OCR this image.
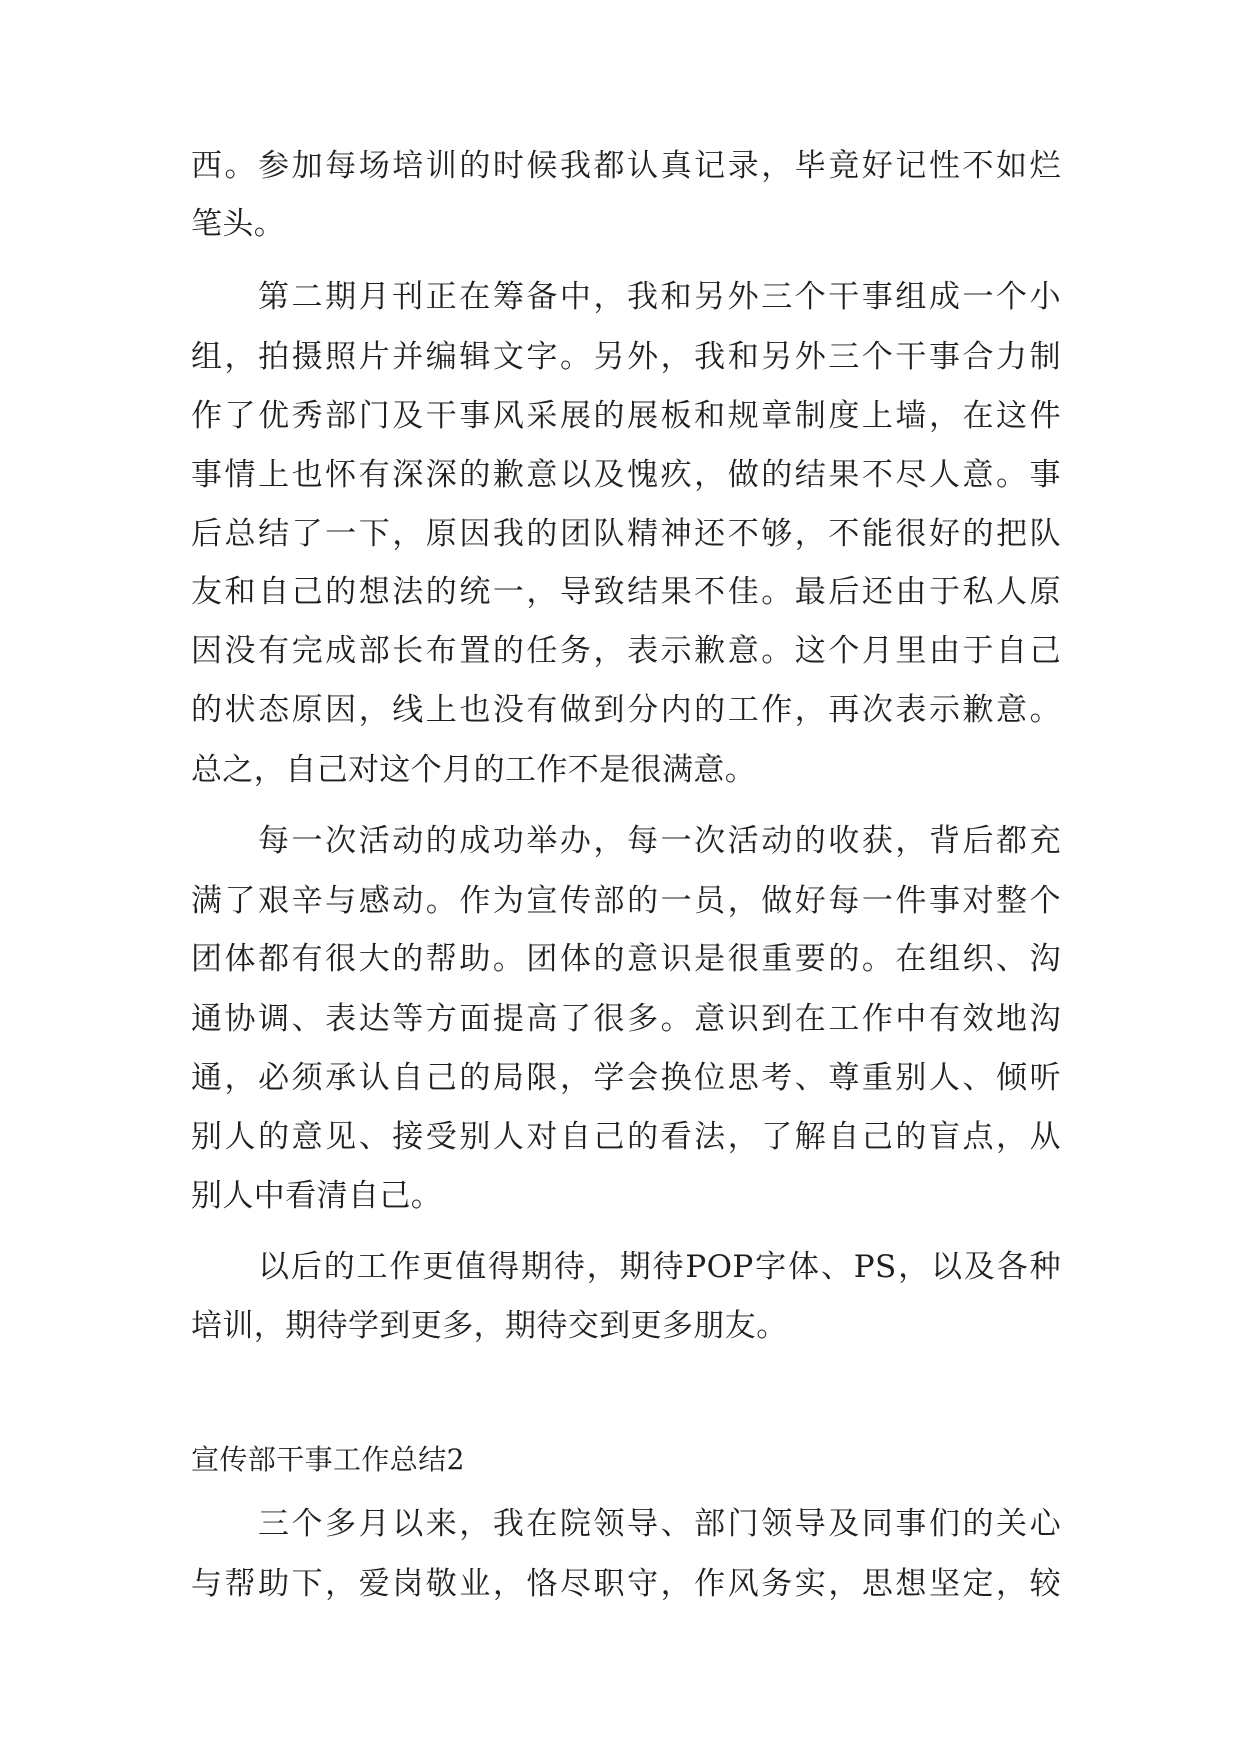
西。参加每场培训的时候我都认真记录，毕竟好记性不如烂
笔头。
第二期月刊正在筹备中，我和另外三个干事组成一个小
组，拍摄照片并编辑文字。另外，我和另外三个干事合力制
作了优秀部门及干事风采展的展板和规章制度上墙，在这件
事情上也怀有深深的歉意以及愧疚，做的结果不尽人意。事
后总结了一下，原因我的团队精神还不够，不能很好的把队
友和自己的想法的统一，导致结果不佳。最后还由于私人原
因没有完成部长布置的任务，表示歉意。这个月里由于自己
的状态原因，线上也没有做到分内的工作，再次表示歉意。
总之，自己对这个月的工作不是很满意。
每一次活动的成功举办，每一次活动的收获，背后都充
满了艰辛与感动。作为宣传部的一员，做好每一件事对整个
团体都有很大的帮助。团体的意识是很重要的。在组织、沟
通协调、表达等方面提高了很多。意识到在工作中有效地沟
通，必须承认自己的局限，学会换位思考、尊重别人、倾听
别人的意见、接受别人对自己的看法，了解自己的盲点，从
别人中看清自己。
以后的工作更值得期待，期待POP字体、PS，以及各种
培训，期待学到更多，期待交到更多朋友。
宣传部干事工作总结2
三个多月以来，我在院领导、部门领导及同事们的关心
与帮助下，爱岗敬业，恪尽职守，作风务实，思想坚定，较
